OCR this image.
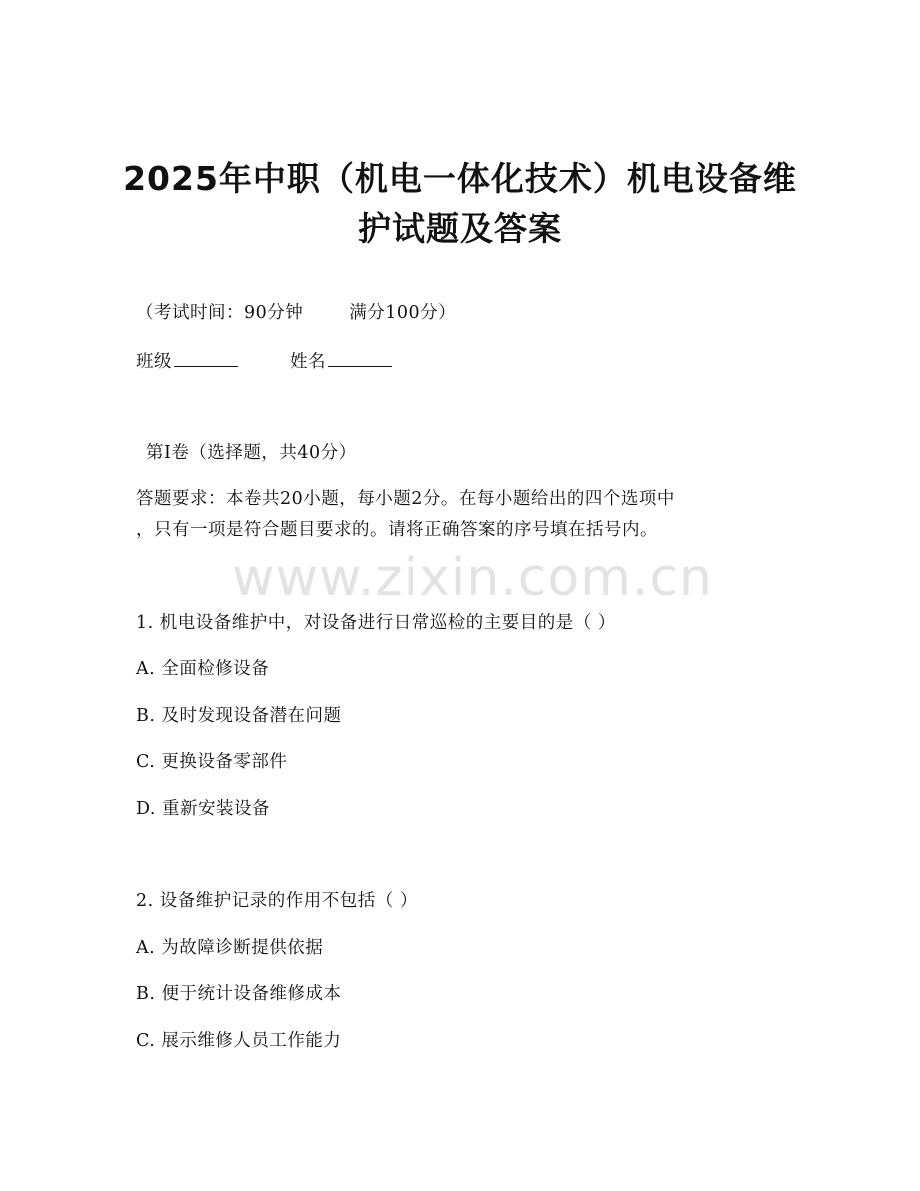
www.zixin.com.cn
2025年中职（机电一体化技术）机电设备维
护试题及答案
（考试时间：90分钟	满分100分）
班级	姓名
第Ⅰ卷（选择题，共40分）
答题要求：本卷共20小题，每小题2分。在每小题给出的四个选项中
，只有一项是符合题目要求的。请将正确答案的序号填在括号内。
1. 机电设备维护中，对设备进行日常巡检的主要目的是（ ）
A. 全面检修设备
B. 及时发现设备潜在问题
C. 更换设备零部件
D. 重新安装设备
2. 设备维护记录的作用不包括（ ）
A. 为故障诊断提供依据
B. 便于统计设备维修成本
C. 展示维修人员工作能力
